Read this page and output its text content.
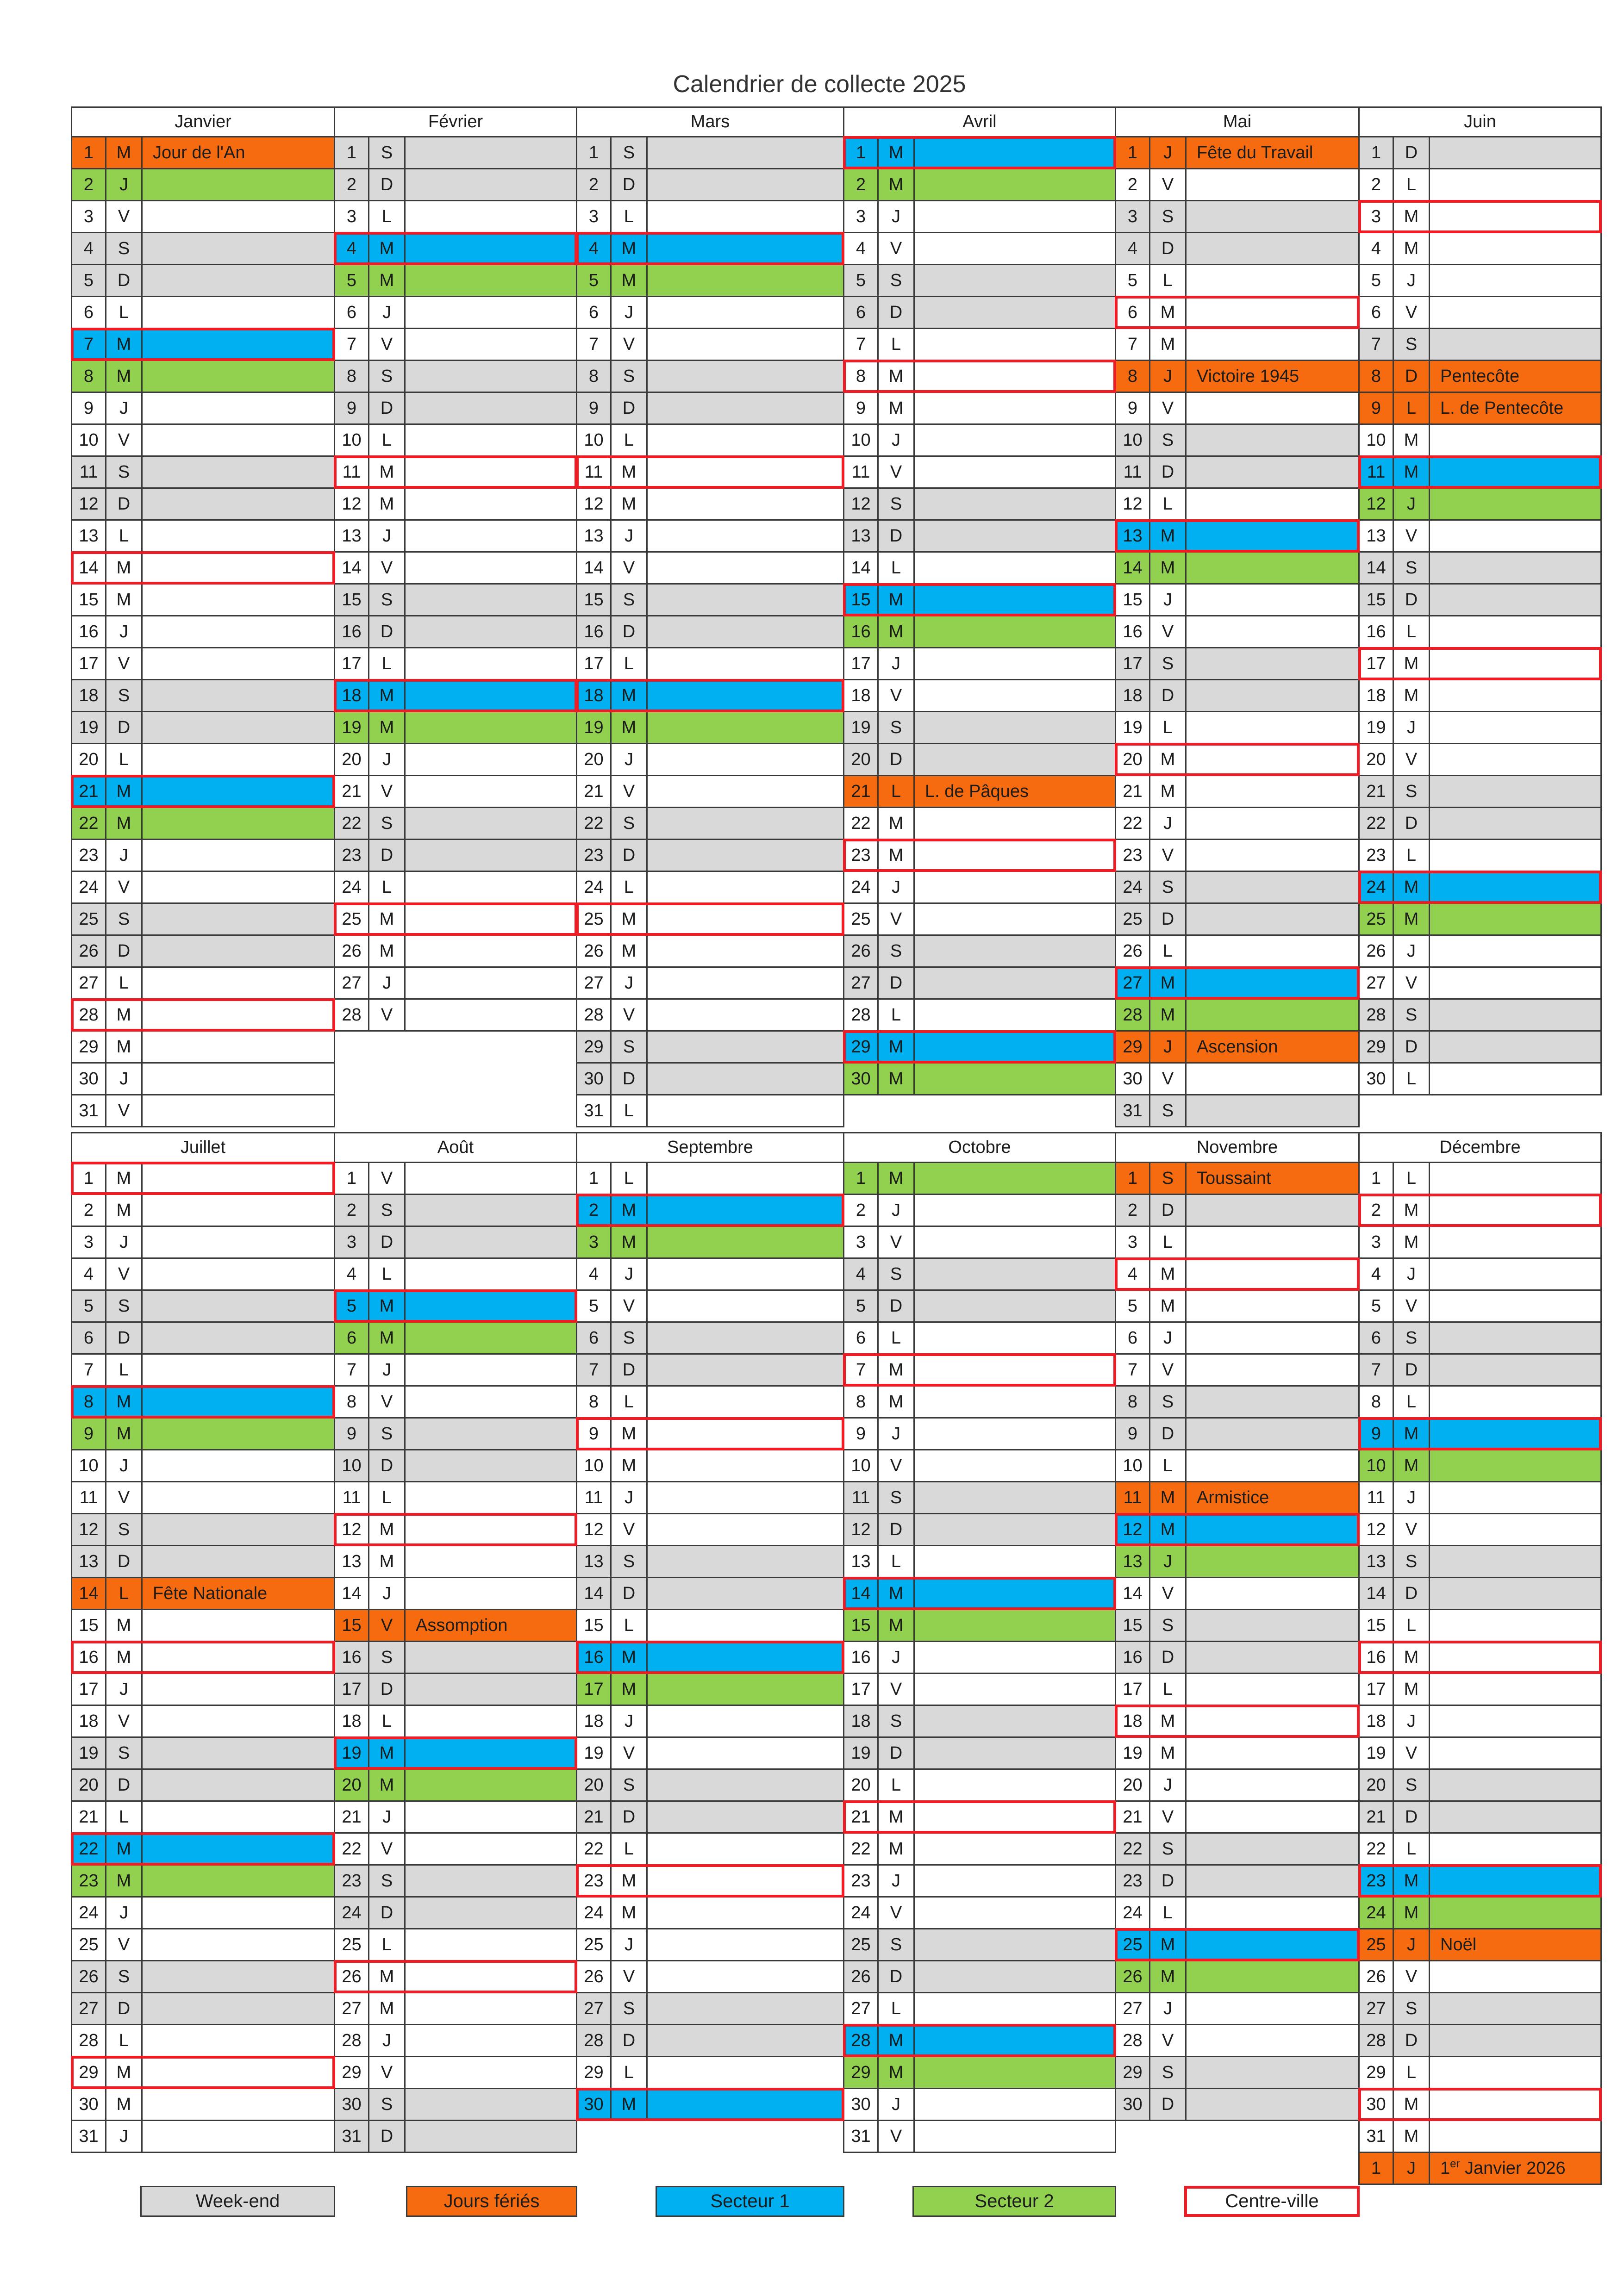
Calendrier de collecte 2025
Janvier
1	M	Jour de l'An
2	J
3	V
4	S
5	D
6	L
7	M
8	M
9	J
10	V
11	S
12	D
13	L
14	M
15	M
16	J
17	V
18	S
19	D
20	L
21	M
22	M
23	J
24	V
25	S
26	D
27	L
28	M
29	M
30	J
31	V
Février
1	S
2	D
3	L
4	M
5	M
6	J
7	V
8	S
9	D
10	L
11	M
12	M
13	J
14	V
15	S
16	D
17	L
18	M
19	M
20	J
21	V
22	S
23	D
24	L
25	M
26	M
27	J
28	V
Mars
1	S
2	D
3	L
4	M
5	M
6	J
7	V
8	S
9	D
10	L
11	M
12	M
13	J
14	V
15	S
16	D
17	L
18	M
19	M
20	J
21	V
22	S
23	D
24	L
25	M
26	M
27	J
28	V
29	S
30	D
31	L
Avril
1	M
2	M
3	J
4	V
5	S
6	D
7	L
8	M
9	M
10	J
11	V
12	S
13	D
14	L
15	M
16	M
17	J
18	V
19	S
20	D
21	L	L. de Pâques
22	M
23	M
24	J
25	V
26	S
27	D
28	L
29	M
30	M
Mai
1	J	Fête du Travail
2	V
3	S
4	D
5	L
6	M
7	M
8	J	Victoire 1945
9	V
10	S
11	D
12	L
13	M
14	M
15	J
16	V
17	S
18	D
19	L
20	M
21	M
22	J
23	V
24	S
25	D
26	L
27	M
28	M
29	J	Ascension
30	V
31	S
Juin
1	D
2	L
3	M
4	M
5	J
6	V
7	S
8	D	Pentecôte
9	L	L. de Pentecôte
10	M
11	M
12	J
13	V
14	S
15	D
16	L
17	M
18	M
19	J
20	V
21	S
22	D
23	L
24	M
25	M
26	J
27	V
28	S
29	D
30	L
Juillet
1	M
2	M
3	J
4	V
5	S
6	D
7	L
8	M
9	M
10	J
11	V
12	S
13	D
14	L	Fête Nationale
15	M
16	M
17	J
18	V
19	S
20	D
21	L
22	M
23	M
24	J
25	V
26	S
27	D
28	L
29	M
30	M
31	J
Août
1	V
2	S
3	D
4	L
5	M
6	M
7	J
8	V
9	S
10	D
11	L
12	M
13	M
14	J
15	V	Assomption
16	S
17	D
18	L
19	M
20	M
21	J
22	V
23	S
24	D
25	L
26	M
27	M
28	J
29	V
30	S
31	D
Septembre
1	L
2	M
3	M
4	J
5	V
6	S
7	D
8	L
9	M
10	M
11	J
12	V
13	S
14	D
15	L
16	M
17	M
18	J
19	V
20	S
21	D
22	L
23	M
24	M
25	J
26	V
27	S
28	D
29	L
30	M
Octobre
1	M
2	J
3	V
4	S
5	D
6	L
7	M
8	M
9	J
10	V
11	S
12	D
13	L
14	M
15	M
16	J
17	V
18	S
19	D
20	L
21	M
22	M
23	J
24	V
25	S
26	D
27	L
28	M
29	M
30	J
31	V
Novembre
1	S	Toussaint
2	D
3	L
4	M
5	M
6	J
7	V
8	S
9	D
10	L
11	M	Armistice
12	M
13	J
14	V
15	S
16	D
17	L
18	M
19	M
20	J
21	V
22	S
23	D
24	L
25	M
26	M
27	J
28	V
29	S
30	D
Décembre
1	L
2	M
3	M
4	J
5	V
6	S
7	D
8	L
9	M
10	M
11	J
12	V
13	S
14	D
15	L
16	M
17	M
18	J
19	V
20	S
21	D
22	L
23	M
24	M
25	J	Noël
26	V
27	S
28	D
29	L
30	M
31	M
1	J	1er Janvier 2026
Week-end	Jours fériés	Secteur 1	Secteur 2	Centre-ville
